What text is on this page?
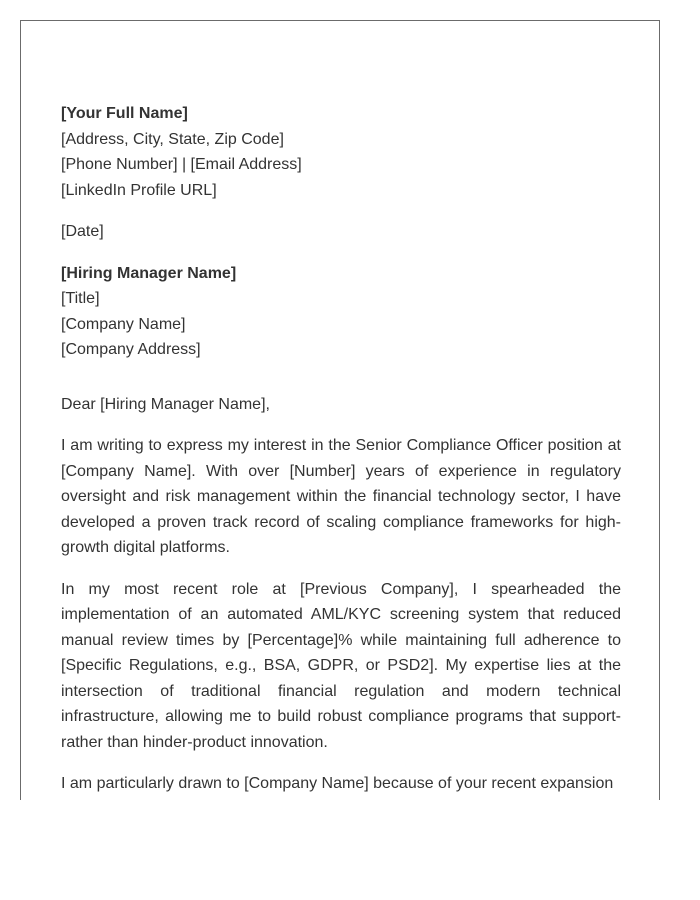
[Your Full Name]
[Address, City, State, Zip Code]
[Phone Number] | [Email Address]
[LinkedIn Profile URL]
[Date]
[Hiring Manager Name]
[Title]
[Company Name]
[Company Address]
Dear [Hiring Manager Name],

I am writing to express my interest in the Senior Compliance Officer position at [Company Name]. With over [Number] years of experience in regulatory oversight and risk management within the financial technology sector, I have developed a proven track record of scaling compliance frameworks for high-growth digital platforms.

In my most recent role at [Previous Company], I spearheaded the implementation of an automated AML/KYC screening system that reduced manual review times by [Percentage]% while maintaining full adherence to [Specific Regulations, e.g., BSA, GDPR, or PSD2]. My expertise lies at the intersection of traditional financial regulation and modern technical infrastructure, allowing me to build robust compliance programs that support-rather than hinder-product innovation.

I am particularly drawn to [Company Name] because of your recent expansion
